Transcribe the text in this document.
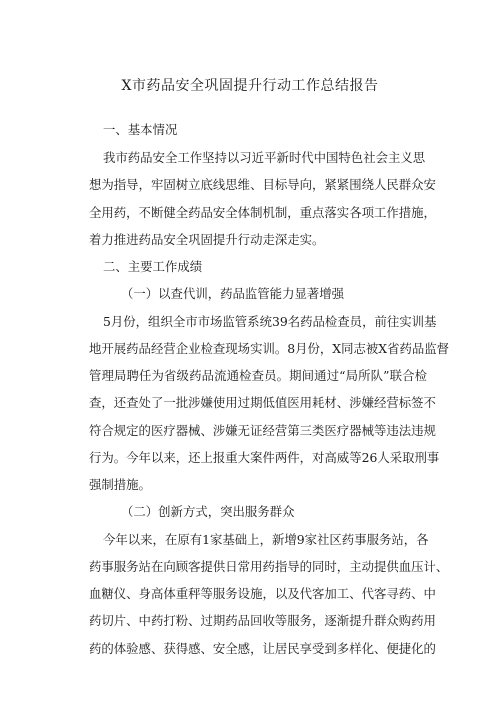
X市药品安全巩固提升行动工作总结报告
一、基本情况
我市药品安全工作坚持以习近平新时代中国特色社会主义思
想为指导，牢固树立底线思维、目标导向，紧紧围绕人民群众安
全用药，不断健全药品安全体制机制，重点落实各项工作措施，
着力推进药品安全巩固提升行动走深走实。
二、主要工作成绩
（一）以查代训，药品监管能力显著增强
5月份，组织全市市场监管系统39名药品检查员，前往实训基
地开展药品经营企业检查现场实训。8月份，X同志被X省药品监督
管理局聘任为省级药品流通检查员。期间通过“局所队”联合检
查，还查处了一批涉嫌使用过期低值医用耗材、涉嫌经营标签不
符合规定的医疗器械、涉嫌无证经营第三类医疗器械等违法违规
行为。今年以来，还上报重大案件两件，对高威等26人采取刑事
强制措施。
（二）创新方式，突出服务群众
今年以来，在原有1家基础上，新增9家社区药事服务站，各
药事服务站在向顾客提供日常用药指导的同时，主动提供血压计、
血糖仪、身高体重秤等服务设施，以及代客加工、代客寻药、中
药切片、中药打粉、过期药品回收等服务，逐渐提升群众购药用
药的体验感、获得感、安全感，让居民享受到多样化、便捷化的
